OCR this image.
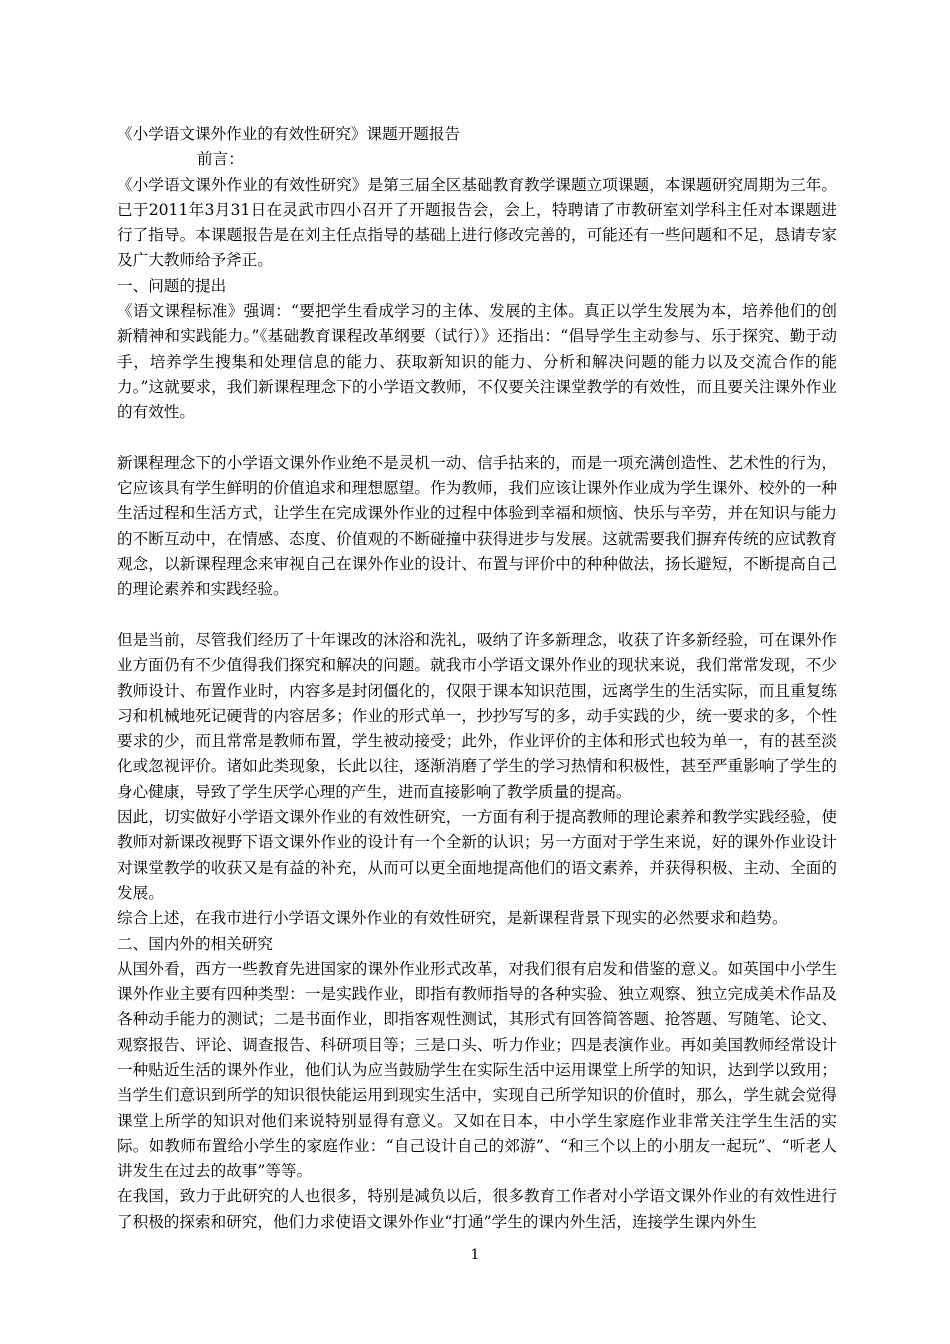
《小学语文课外作业的有效性研究》课题开题报告

前言：

《小学语文课外作业的有效性研究》是第三届全区基础教育教学课题立项课题，本课题研究周期为三年。已于2011年3月31日在灵武市四小召开了开题报告会，会上，特聘请了市教研室刘学科主任对本课题进行了指导。本课题报告是在刘主任点指导的基础上进行修改完善的，可能还有一些问题和不足，恳请专家及广大教师给予斧正。

一、问题的提出

《语文课程标准》强调：“要把学生看成学习的主体、发展的主体。真正以学生发展为本，培养他们的创新精神和实践能力。”《基础教育课程改革纲要（试行）》还指出：“倡导学生主动参与、乐于探究、勤于动手，培养学生搜集和处理信息的能力、获取新知识的能力、分析和解决问题的能力以及交流合作的能力。”这就要求，我们新课程理念下的小学语文教师，不仅要关注课堂教学的有效性，而且要关注课外作业的有效性。

新课程理念下的小学语文课外作业绝不是灵机一动、信手拈来的，而是一项充满创造性、艺术性的行为，它应该具有学生鲜明的价值追求和理想愿望。作为教师，我们应该让课外作业成为学生课外、校外的一种生活过程和生活方式，让学生在完成课外作业的过程中体验到幸福和烦恼、快乐与辛劳，并在知识与能力的不断互动中，在情感、态度、价值观的不断碰撞中获得进步与发展。这就需要我们摒弃传统的应试教育观念，以新课程理念来审视自己在课外作业的设计、布置与评价中的种种做法，扬长避短，不断提高自己的理论素养和实践经验。

但是当前，尽管我们经历了十年课改的沐浴和洗礼，吸纳了许多新理念，收获了许多新经验，可在课外作业方面仍有不少值得我们探究和解决的问题。就我市小学语文课外作业的现状来说，我们常常发现，不少教师设计、布置作业时，内容多是封闭僵化的，仅限于课本知识范围，远离学生的生活实际，而且重复练习和机械地死记硬背的内容居多；作业的形式单一，抄抄写写的多，动手实践的少，统一要求的多，个性要求的少，而且常常是教师布置，学生被动接受；此外，作业评价的主体和形式也较为单一，有的甚至淡化或忽视评价。诸如此类现象，长此以往，逐渐消磨了学生的学习热情和积极性，甚至严重影响了学生的身心健康，导致了学生厌学心理的产生，进而直接影响了教学质量的提高。

因此，切实做好小学语文课外作业的有效性研究，一方面有利于提高教师的理论素养和教学实践经验，使教师对新课改视野下语文课外作业的设计有一个全新的认识；另一方面对于学生来说，好的课外作业设计对课堂教学的收获又是有益的补充，从而可以更全面地提高他们的语文素养，并获得积极、主动、全面的发展。

综合上述，在我市进行小学语文课外作业的有效性研究，是新课程背景下现实的必然要求和趋势。

二、国内外的相关研究

从国外看，西方一些教育先进国家的课外作业形式改革，对我们很有启发和借鉴的意义。如英国中小学生课外作业主要有四种类型：一是实践作业，即指有教师指导的各种实验、独立观察、独立完成美术作品及各种动手能力的测试；二是书面作业，即指客观性测试，其形式有回答简答题、抢答题、写随笔、论文、观察报告、评论、调查报告、科研项目等；三是口头、听力作业；四是表演作业。再如美国教师经常设计一种贴近生活的课外作业，他们认为应当鼓励学生在实际生活中运用课堂上所学的知识，达到学以致用；当学生们意识到所学的知识很快能运用到现实生活中，实现自己所学知识的价值时，那么，学生就会觉得课堂上所学的知识对他们来说特别显得有意义。又如在日本，中小学生家庭作业非常关注学生生活的实际。如教师布置给小学生的家庭作业：“自己设计自己的郊游”、“和三个以上的小朋友一起玩”、“听老人讲发生在过去的故事”等等。

在我国，致力于此研究的人也很多，特别是减负以后，很多教育工作者对小学语文课外作业的有效性进行了积极的探索和研究，他们力求使语文课外作业“打通”学生的课内外生活，连接学生课内外生

1
